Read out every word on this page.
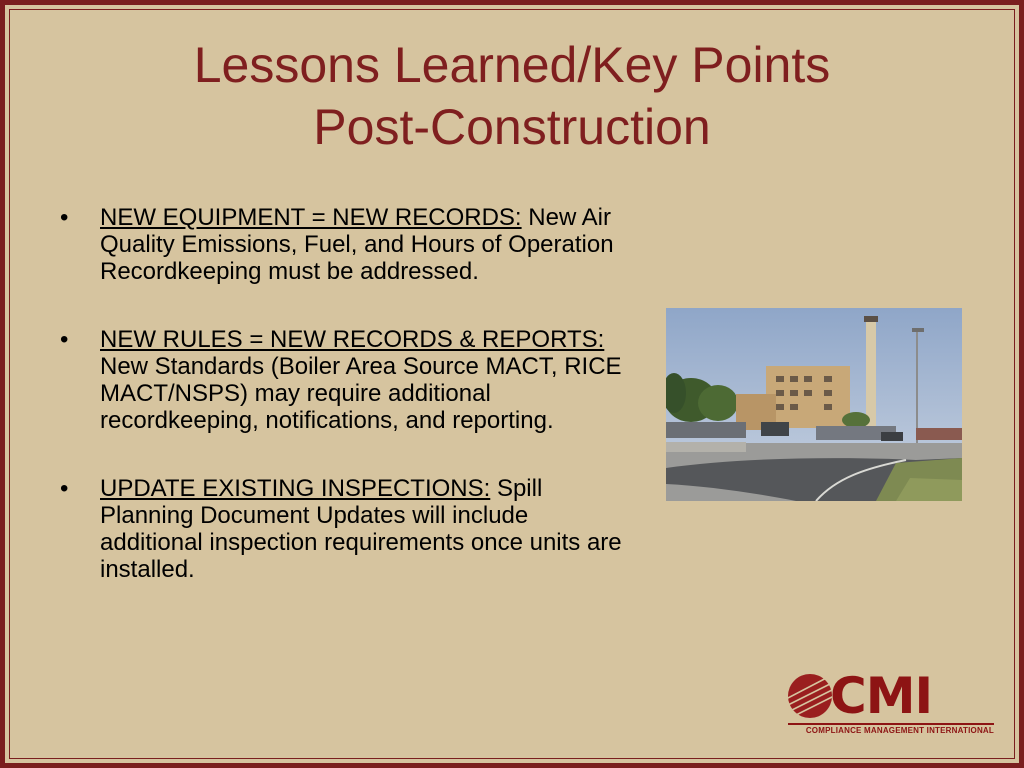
Lessons Learned/Key Points
Post-Construction
• NEW EQUIPMENT = NEW RECORDS: New Air Quality Emissions, Fuel, and Hours of Operation Recordkeeping must be addressed.
• NEW RULES = NEW RECORDS & REPORTS: New Standards (Boiler Area Source MACT, RICE MACT/NSPS) may require additional recordkeeping, notifications, and reporting.
• UPDATE EXISTING INSPECTIONS: Spill Planning Document Updates will include additional inspection requirements once units are installed.
CMI
COMPLIANCE MANAGEMENT INTERNATIONAL
